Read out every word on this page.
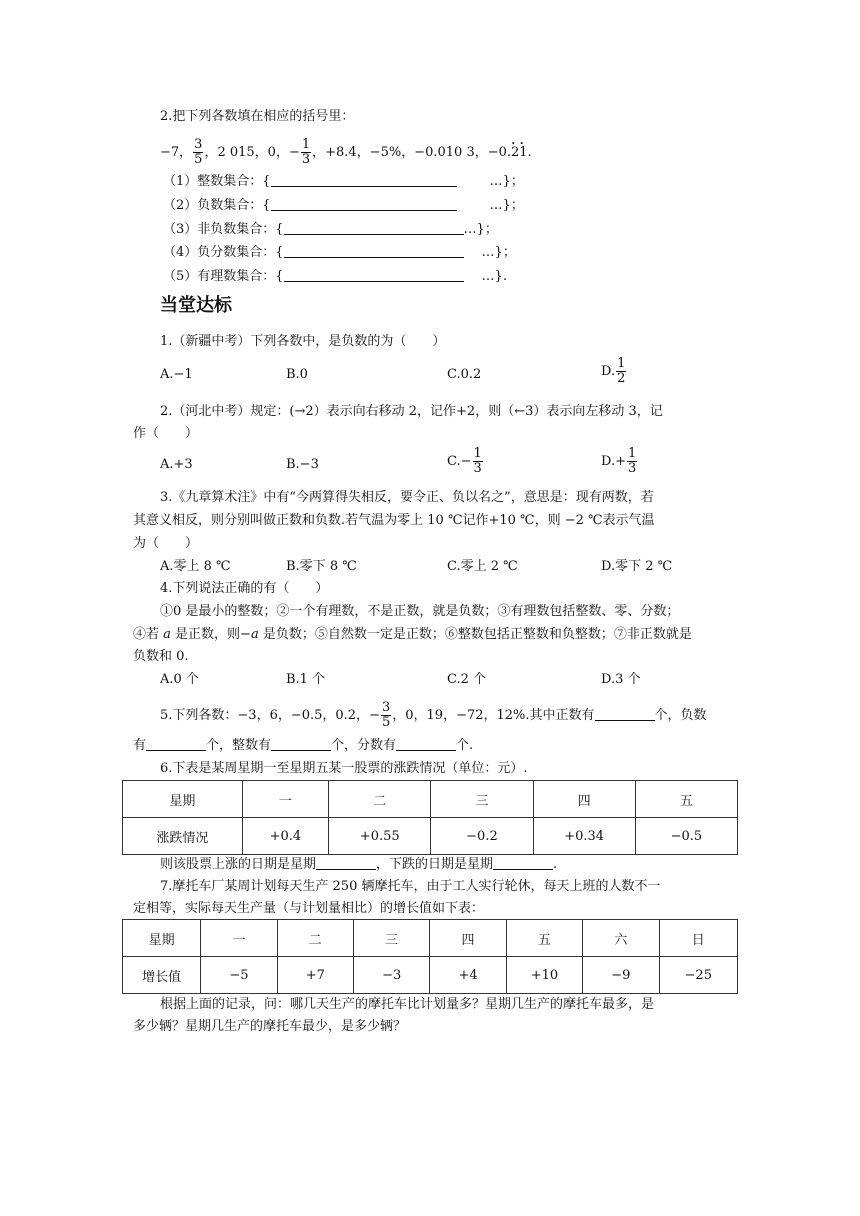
2.把下列各数填在相应的括号里：
−7， $\frac{3}{5}$ ，2 015，0，− $\frac{1}{3}$ ，+8.4，−5%，−0.010 3，−0.21
• •
.
（1）整数集合：{	…}；
（2）负数集合：{	…}；
（3）非负数集合：{	…}；
（4）负分数集合：{	…}；
（5）有理数集合：{	…}.
当堂达标
1.（新疆中考）下列各数中，是负数的为（　　）
A.−1	B.0	C.0.2	D. $\frac{1}{2}$
2.（河北中考）规定：(→2）表示向右移动 2，记作+2，则（←3）表示向左移动 3，记
作（　　）
A.+3	B.−3	$C.- \frac{1}{3}$	$D.+ \frac{1}{3}$
3.《九章算术注》中有“今两算得失相反，要令正、负以名之”，意思是：现有两数，若
其意义相反，则分别叫做正数和负数.若气温为零上 10 ℃记作+10 ℃，则 −2 ℃表示气温
为（　　）
A.零上 8 ℃	B.零下 8 ℃	C.零上 2 ℃	D.零下 2 ℃
4.下列说法正确的有（　　）
①0 是最小的整数；②一个有理数，不是正数，就是负数；③有理数包括整数、零、分数；
④若 a 是正数，则−a 是负数；⑤自然数一定是正数；⑥整数包括正整数和负整数；⑦非正数就是
负数和 0.
A.0 个	B.1 个	C.2 个	D.3 个
5.下列各数：−3，6，−0.5，0.2，− $\frac{3}{5}$ ，0，19，−72，12%.其中正数有	个，负数
有	个，整数有	个，分数有	个.
6.下表是某周星期一至星期五某一股票的涨跌情况（单位：元）.
星期	一	二	三	四	五
涨跌情况	+0.4	+0.55	−0.2	+0.34	−0.5
则该股票上涨的日期是星期	，下跌的日期是星期	.
7.摩托车厂某周计划每天生产 250 辆摩托车，由于工人实行轮休，每天上班的人数不一
定相等，实际每天生产量（与计划量相比）的增长值如下表：
星期	一	二	三	四	五	六	日
增长值	−5	+7	−3	+4	+10	−9	−25
根据上面的记录，问：哪几天生产的摩托车比计划量多？星期几生产的摩托车最多，是
多少辆？星期几生产的摩托车最少，是多少辆？
